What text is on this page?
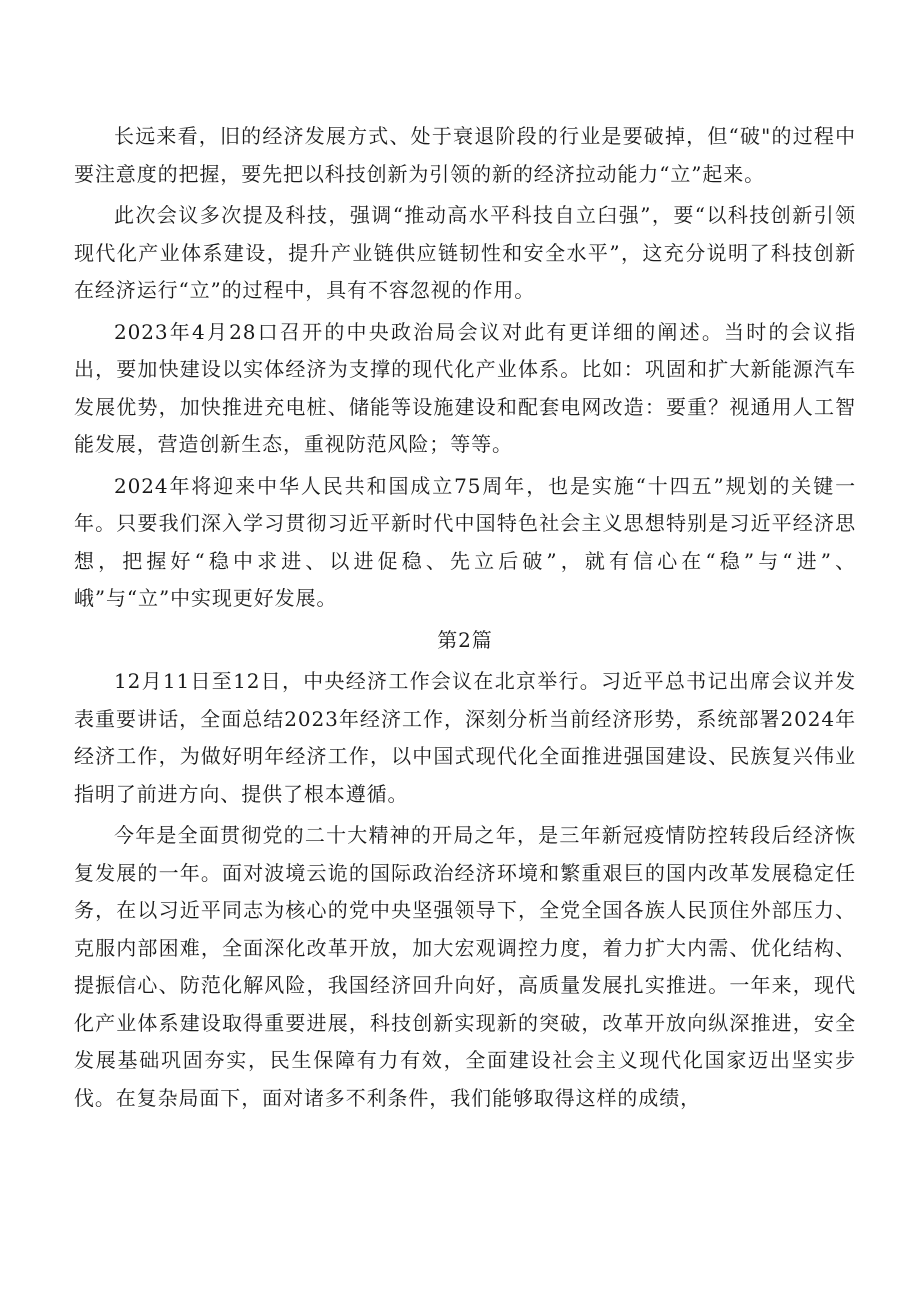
长远来看，旧的经济发展方式、处于衰退阶段的行业是要破掉，但“破"的过程中要注意度的把握，要先把以科技创新为引领的新的经济拉动能力“立”起来。

此次会议多次提及科技，强调“推动高水平科技自立臼强”，要“以科技创新引领现代化产业体系建设，提升产业链供应链韧性和安全水平”，这充分说明了科技创新在经济运行“立”的过程中，具有不容忽视的作用。

2023年4月28口召开的中央政治局会议对此有更详细的阐述。当时的会议指出，要加快建设以实体经济为支撑的现代化产业体系。比如：巩固和扩大新能源汽车发展优势，加快推进充电桩、储能等设施建设和配套电网改造：要重？视通用人工智能发展，营造创新生态，重视防范风险；等等。

2024年将迎来中华人民共和国成立75周年，也是实施“十四五”规划的关键一年。只要我们深入学习贯彻习近平新时代中国特色社会主义思想特别是习近平经济思想，把握好“稳中求进、以进促稳、先立后破”，就有信心在“稳”与“进”、峨”与“立”中实现更好发展。

第2篇

12月11日至12日，中央经济工作会议在北京举行。习近平总书记出席会议并发表重要讲话，全面总结2023年经济工作，深刻分析当前经济形势，系统部署2024年经济工作，为做好明年经济工作，以中国式现代化全面推进强国建设、民族复兴伟业指明了前进方向、提供了根本遵循。

今年是全面贯彻党的二十大精神的开局之年，是三年新冠疫情防控转段后经济恢复发展的一年。面对波境云诡的国际政治经济环境和繁重艰巨的国内改革发展稳定任务，在以习近平同志为核心的党中央坚强领导下，全党全国各族人民顶住外部压力、克服内部困难，全面深化改革开放，加大宏观调控力度，着力扩大内需、优化结构、提振信心、防范化解风险，我国经济回升向好，高质量发展扎实推进。一年来，现代化产业体系建设取得重要进展，科技创新实现新的突破，改革开放向纵深推进，安全发展基础巩固夯实，民生保障有力有效，全面建设社会主义现代化国家迈出坚实步伐。在复杂局面下，面对诸多不利条件，我们能够取得这样的成绩，
